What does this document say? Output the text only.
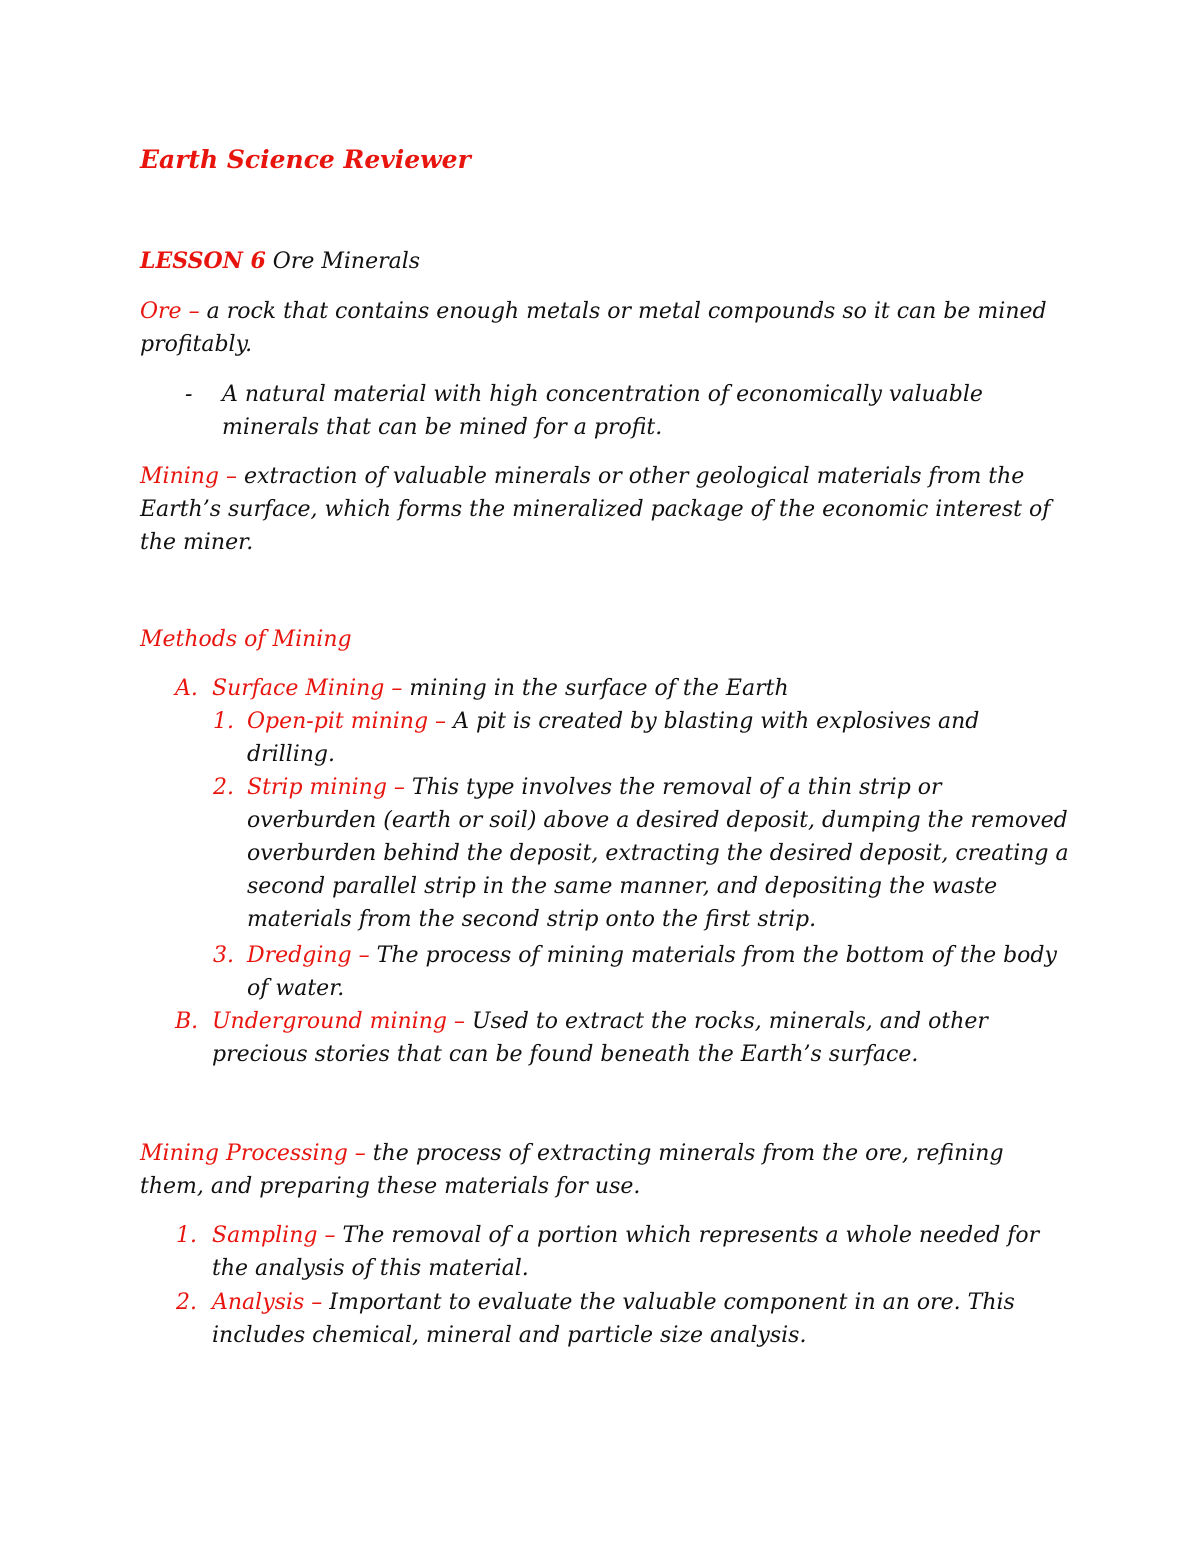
Earth Science Reviewer
LESSON 6 Ore Minerals
Ore – a rock that contains enough metals or metal compounds so it can be mined
profitably.
- A natural material with high concentration of economically valuable
minerals that can be mined for a profit.
Mining – extraction of valuable minerals or other geological materials from the
Earth’s surface, which forms the mineralized package of the economic interest of
the miner.
Methods of Mining
A. Surface Mining – mining in the surface of the Earth
1. Open-pit mining – A pit is created by blasting with explosives and
drilling.
2. Strip mining – This type involves the removal of a thin strip or
overburden (earth or soil) above a desired deposit, dumping the removed
overburden behind the deposit, extracting the desired deposit, creating a
second parallel strip in the same manner, and depositing the waste
materials from the second strip onto the first strip.
3. Dredging – The process of mining materials from the bottom of the body
of water.
B. Underground mining – Used to extract the rocks, minerals, and other
precious stories that can be found beneath the Earth’s surface.
Mining Processing – the process of extracting minerals from the ore, refining
them, and preparing these materials for use.
1. Sampling – The removal of a portion which represents a whole needed for
the analysis of this material.
2. Analysis – Important to evaluate the valuable component in an ore. This
includes chemical, mineral and particle size analysis.
